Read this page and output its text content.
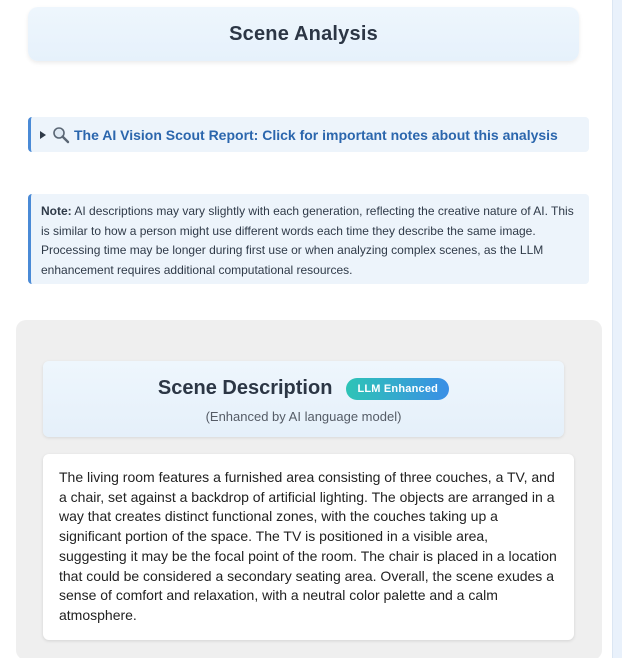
Scene Analysis
The AI Vision Scout Report: Click for important notes about this analysis
Note: AI descriptions may vary slightly with each generation, reflecting the creative nature of AI. This is similar to how a person might use different words each time they describe the same image. Processing time may be longer during first use or when analyzing complex scenes, as the LLM enhancement requires additional computational resources.
Scene Description	LLM Enhanced
(Enhanced by AI language model)
The living room features a furnished area consisting of three couches, a TV, and a chair, set against a backdrop of artificial lighting. The objects are arranged in a way that creates distinct functional zones, with the couches taking up a significant portion of the space. The TV is positioned in a visible area, suggesting it may be the focal point of the room. The chair is placed in a location that could be considered a secondary seating area. Overall, the scene exudes a sense of comfort and relaxation, with a neutral color palette and a calm atmosphere.
